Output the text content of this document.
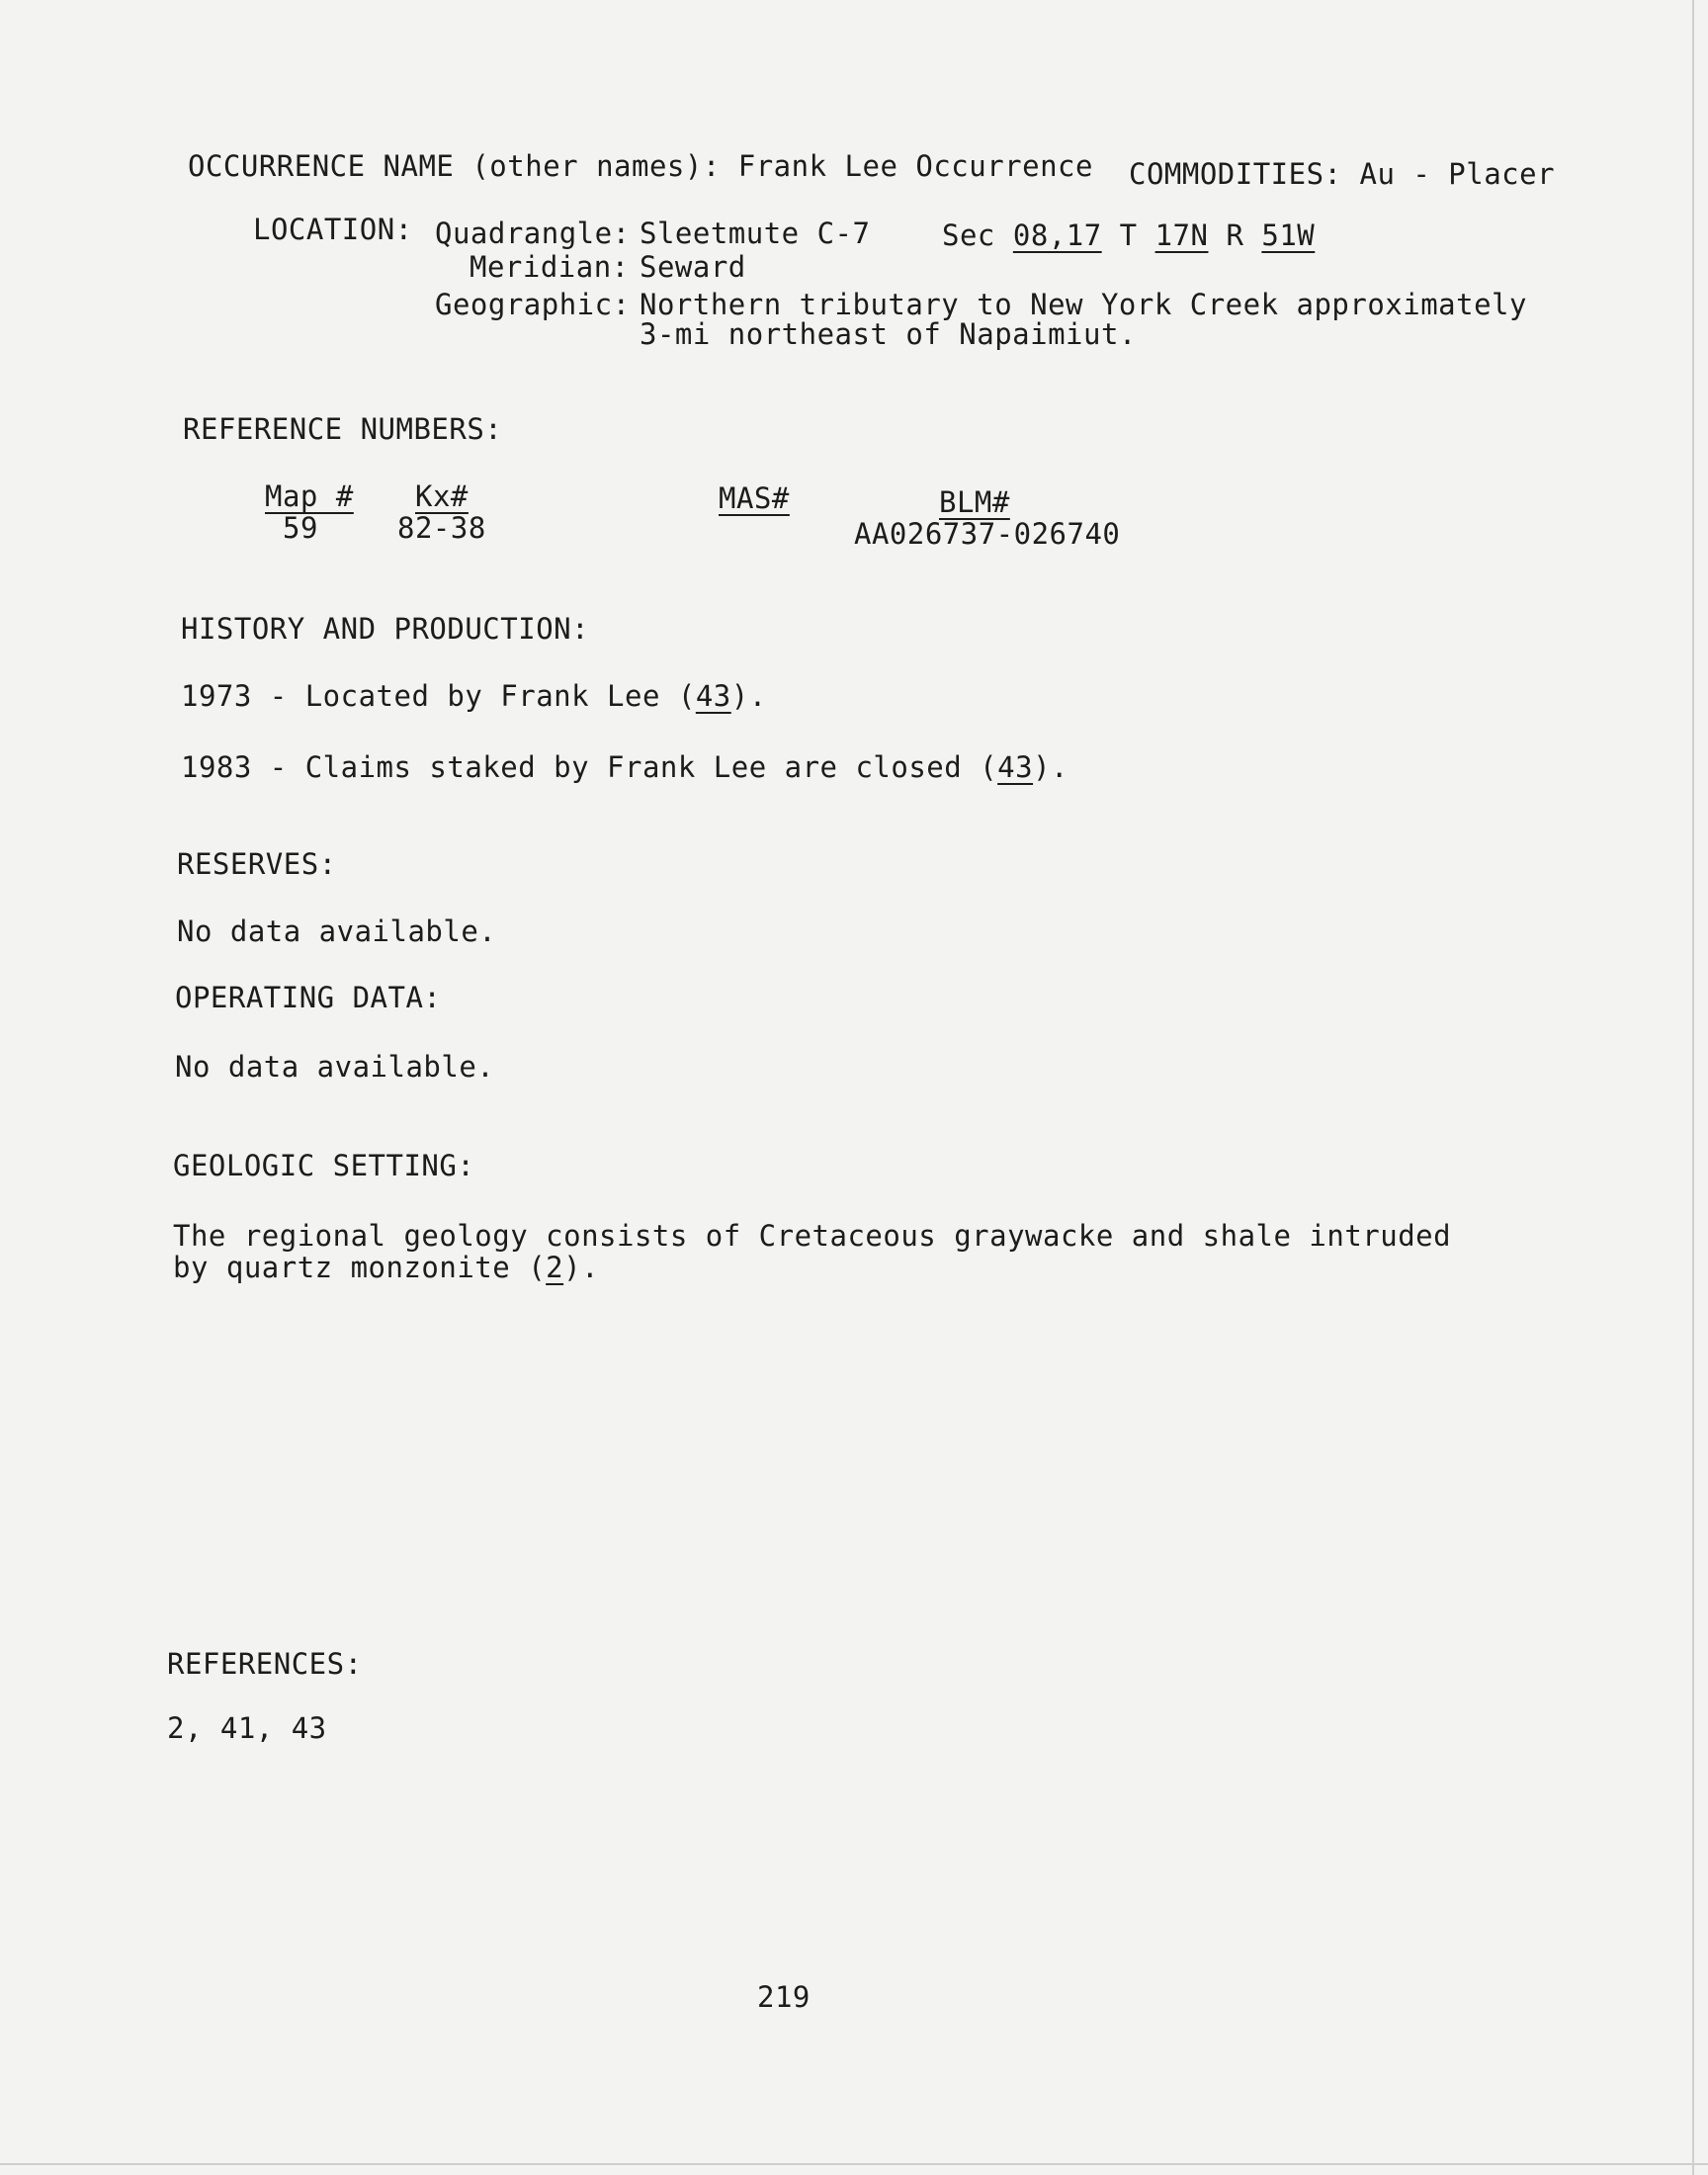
OCCURRENCE NAME (other names): Frank Lee Occurrence COMMODITIES: Au - Placer
LOCATION: Quadrangle: Sleetmute C-7	Sec 08,17 T 17N R 51W
Meridian: Seward
Geographic: Northern tributary to New York Creek approximately
3-mi northeast of Napaimiut.
REFERENCE NUMBERS:
Map #
59
Kx#
82-38
MAS#	BLM#
AA026737-026740
HISTORY AND PRODUCTION:
1973 - Located by Frank Lee (43).
1983 - Claims staked by Frank Lee are closed (43).
RESERVES:
No data available.
OPERATING DATA:
No data available.
GEOLOGIC SETTING:
The regional geology consists of Cretaceous graywacke and shale intruded
by quartz monzonite (2).
REFERENCES:
2, 41, 43
219
